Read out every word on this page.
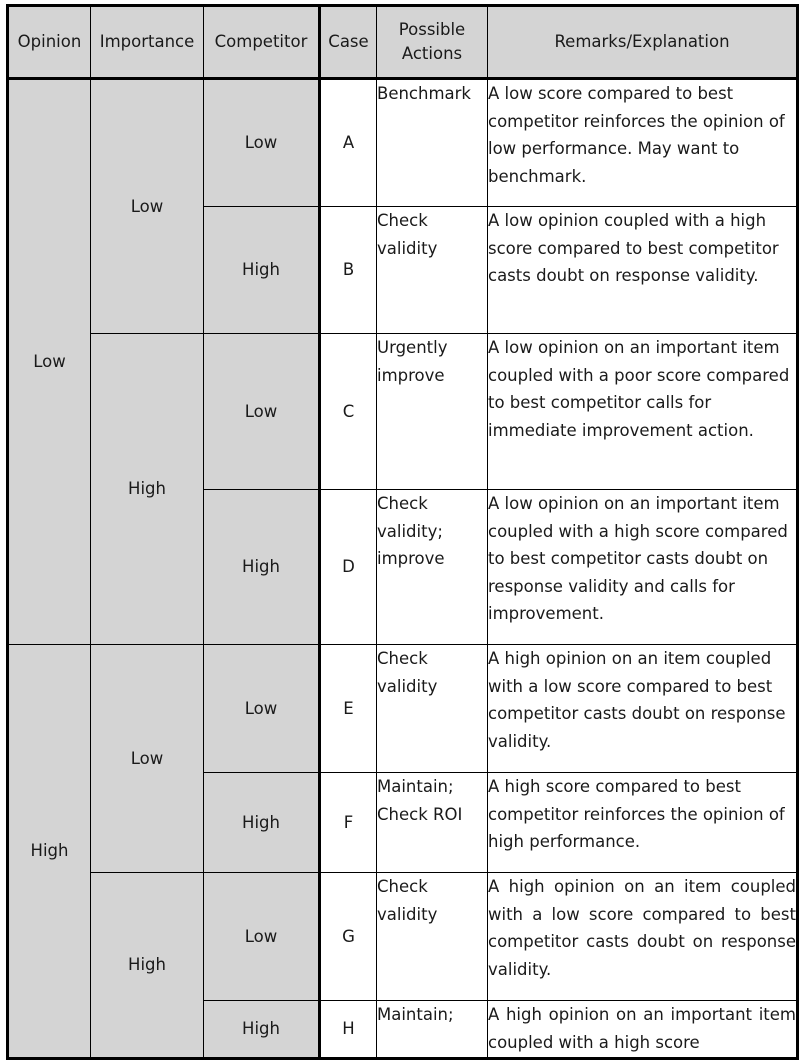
Opinion	Importance	Competitor	Case	Possible Actions	Remarks/Explanation
Low	Low	Low	A	Benchmark	A low score compared to best competitor reinforces the opinion of low performance. May want to benchmark.
		High	B	Check validity	A low opinion coupled with a high score compared to best competitor casts doubt on response validity.
	High	Low	C	Urgently improve	A low opinion on an important item coupled with a poor score compared to best competitor calls for immediate improvement action.
		High	D	Check validity; improve	A low opinion on an important item coupled with a high score compared to best competitor casts doubt on response validity and calls for improvement.
High	Low	Low	E	Check validity	A high opinion on an item coupled with a low score compared to best competitor casts doubt on response validity.
		High	F	Maintain; Check ROI	A high score compared to best competitor reinforces the opinion of high performance.
	High	Low	G	Check validity	A high opinion on an item coupled with a low score compared to best competitor casts doubt on response validity.
		High	H	Maintain;	A high opinion on an important item coupled with a high score
